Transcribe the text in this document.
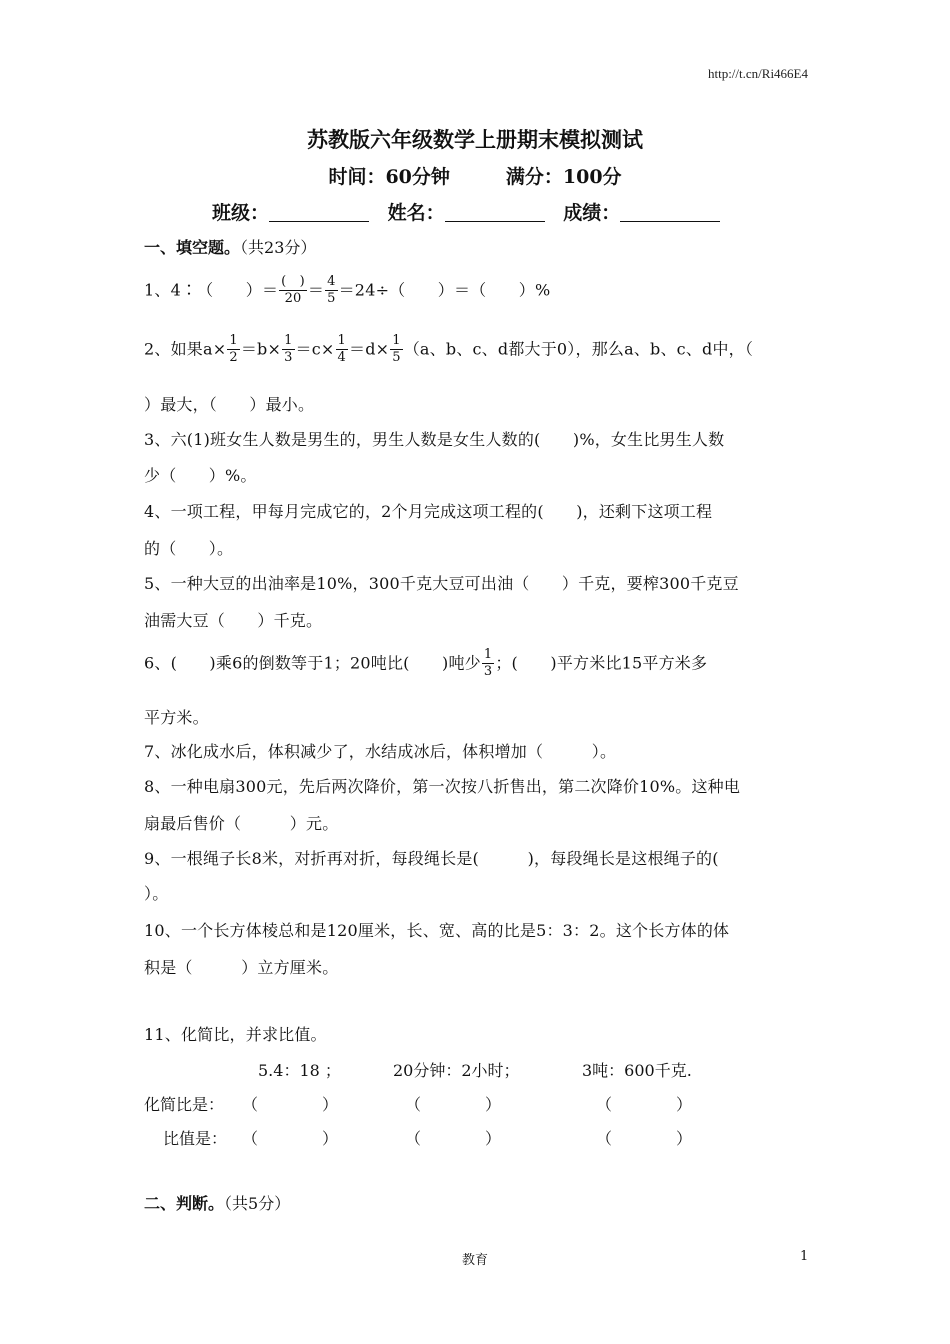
http://t.cn/Ri466E4
苏教版六年级数学上册期末模拟测试
时间：60分钟	满分：100分
班级：	姓名：	成绩：
一、填空题。（共23分）
1、4∶（　　）＝ $\frac{( )}{20} = \frac{4}{5} =24\div$（　　）＝（　　）%
2、如果$a\times \frac{1}{2} =b\times \frac{1}{3} =c\times \frac{1}{4} =d\times \frac{1}{5} (a$、b、c、d都大于0），那么a、b、c、d中，（
）最大，（　　）最小。
3、六(1)班女生人数是男生的，男生人数是女生人数的(　　)%，女生比男生人数
少（　　）%。
4、一项工程，甲每月完成它的，2个月完成这项工程的(　　)，还剩下这项工程
的（　　）。
5、一种大豆的出油率是10%，300千克大豆可出油（　　）千克，要榨300千克豆
油需大豆（　　）千克。
6、(　　)乘6的倒数等于1；20吨比(　　)吨少 $\frac{1}{3}$ ；(　　)平方米比15平方米多
平方米。
7、冰化成水后，体积减少了，水结成冰后，体积增加（　　　）。
8、一种电扇300元，先后两次降价，第一次按八折售出，第二次降价10%。这种电
扇最后售价（　　　）元。
9、一根绳子长8米，对折再对折，每段绳长是(　　　)，每段绳长是这根绳子的(
）。
10、一个长方体棱总和是120厘米，长、宽、高的比是5：3：2。这个长方体的体
积是（　　　）立方厘米。
11、化简比，并求比值。
5.4：18 ；	20分钟：2小时；	3吨：600千克.
化简比是： （　　　　）	（　　　　）	（　　　　）
比值是： （　　　　）	（　　　　）	（　　　　）
二、判断。（共5分）
教育	1
